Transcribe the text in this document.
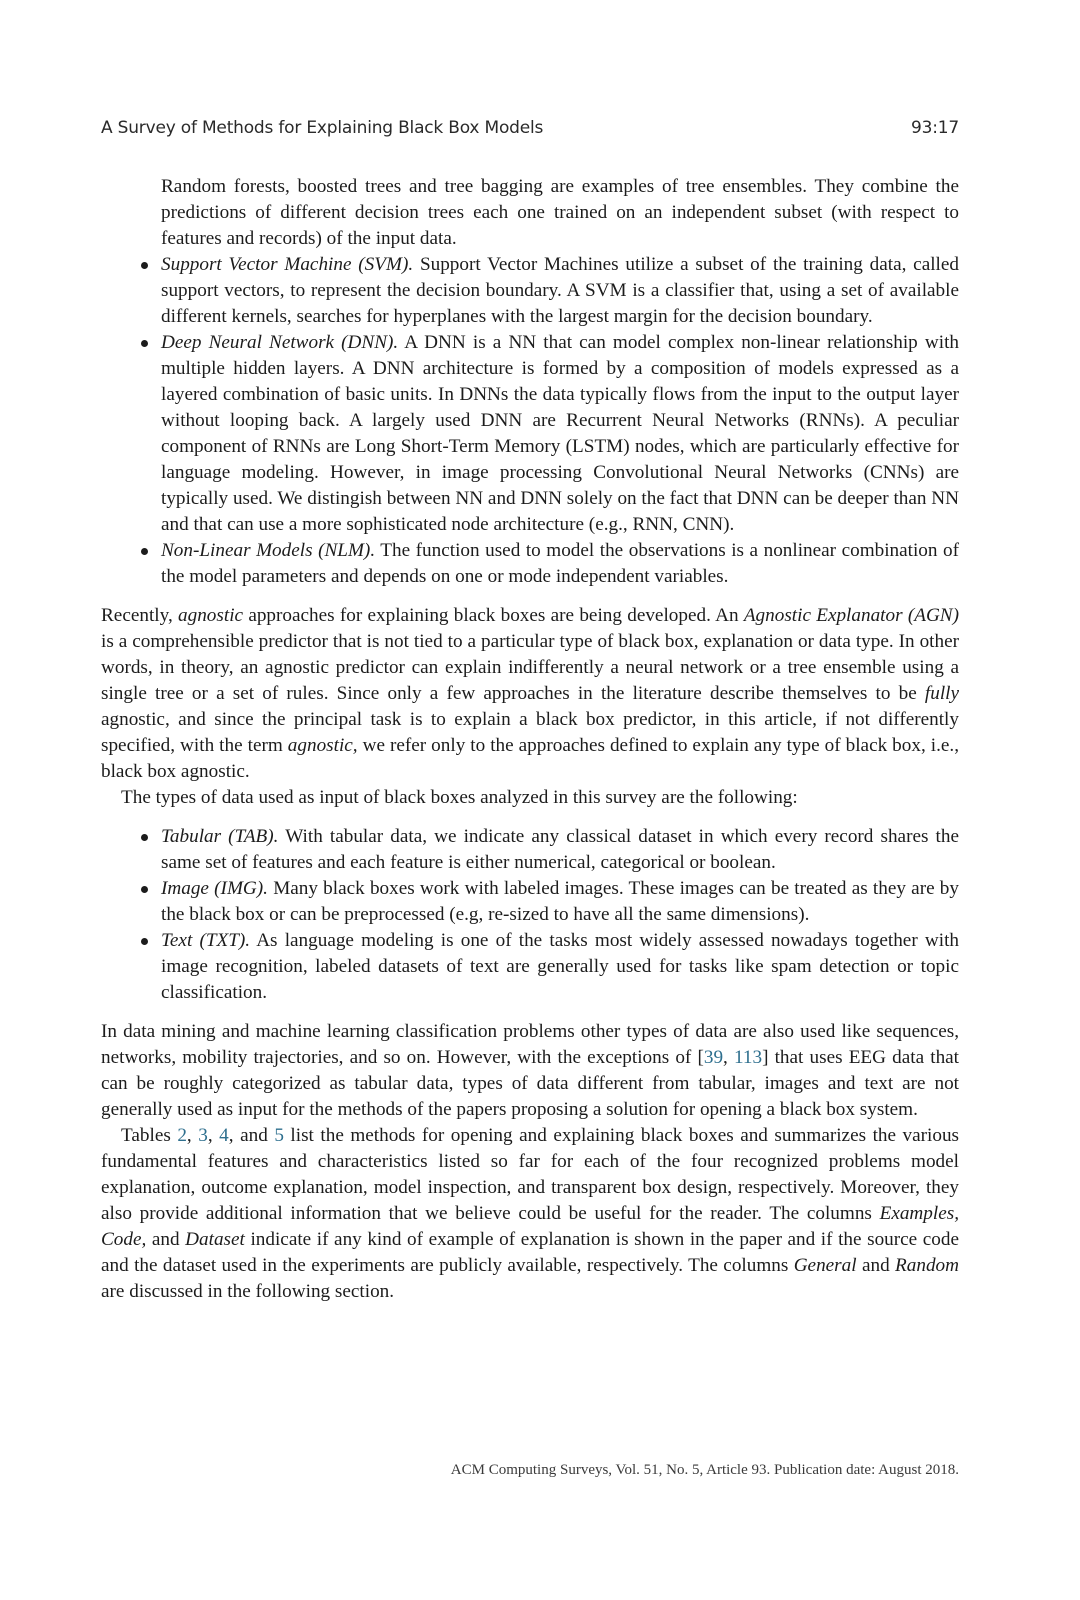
A Survey of Methods for Explaining Black Box Models	93:17

Random forests, boosted trees and tree bagging are examples of tree ensembles. They combine the predictions of different decision trees each one trained on an independent subset (with respect to features and records) of the input data.

Support Vector Machine (SVM). Support Vector Machines utilize a subset of the training data, called support vectors, to represent the decision boundary. A SVM is a classifier that, using a set of available different kernels, searches for hyperplanes with the largest margin for the decision boundary.
Deep Neural Network (DNN). A DNN is a NN that can model complex non-linear relationship with multiple hidden layers. A DNN architecture is formed by a composition of models expressed as a layered combination of basic units. In DNNs the data typically flows from the input to the output layer without looping back. A largely used DNN are Recurrent Neural Networks (RNNs). A peculiar component of RNNs are Long Short-Term Memory (LSTM) nodes, which are particularly effective for language modeling. However, in image processing Convolutional Neural Networks (CNNs) are typically used. We distingish between NN and DNN solely on the fact that DNN can be deeper than NN and that can use a more sophisticated node architecture (e.g., RNN, CNN).
Non-Linear Models (NLM). The function used to model the observations is a nonlinear combination of the model parameters and depends on one or mode independent variables.

Recently, agnostic approaches for explaining black boxes are being developed. An Agnostic Explanator (AGN) is a comprehensible predictor that is not tied to a particular type of black box, explanation or data type. In other words, in theory, an agnostic predictor can explain indifferently a neural network or a tree ensemble using a single tree or a set of rules. Since only a few approaches in the literature describe themselves to be fully agnostic, and since the principal task is to explain a black box predictor, in this article, if not differently specified, with the term agnostic, we refer only to the approaches defined to explain any type of black box, i.e., black box agnostic.

The types of data used as input of black boxes analyzed in this survey are the following:

Tabular (TAB). With tabular data, we indicate any classical dataset in which every record shares the same set of features and each feature is either numerical, categorical or boolean.
Image (IMG). Many black boxes work with labeled images. These images can be treated as they are by the black box or can be preprocessed (e.g, re-sized to have all the same dimensions).
Text (TXT). As language modeling is one of the tasks most widely assessed nowadays together with image recognition, labeled datasets of text are generally used for tasks like spam detection or topic classification.

In data mining and machine learning classification problems other types of data are also used like sequences, networks, mobility trajectories, and so on. However, with the exceptions of [39, 113] that uses EEG data that can be roughly categorized as tabular data, types of data different from tabular, images and text are not generally used as input for the methods of the papers proposing a solution for opening a black box system.

Tables 2, 3, 4, and 5 list the methods for opening and explaining black boxes and summarizes the various fundamental features and characteristics listed so far for each of the four recognized problems model explanation, outcome explanation, model inspection, and transparent box design, respectively. Moreover, they also provide additional information that we believe could be useful for the reader. The columns Examples, Code, and Dataset indicate if any kind of example of explanation is shown in the paper and if the source code and the dataset used in the experiments are publicly available, respectively. The columns General and Random are discussed in the following section.

ACM Computing Surveys, Vol. 51, No. 5, Article 93. Publication date: August 2018.
